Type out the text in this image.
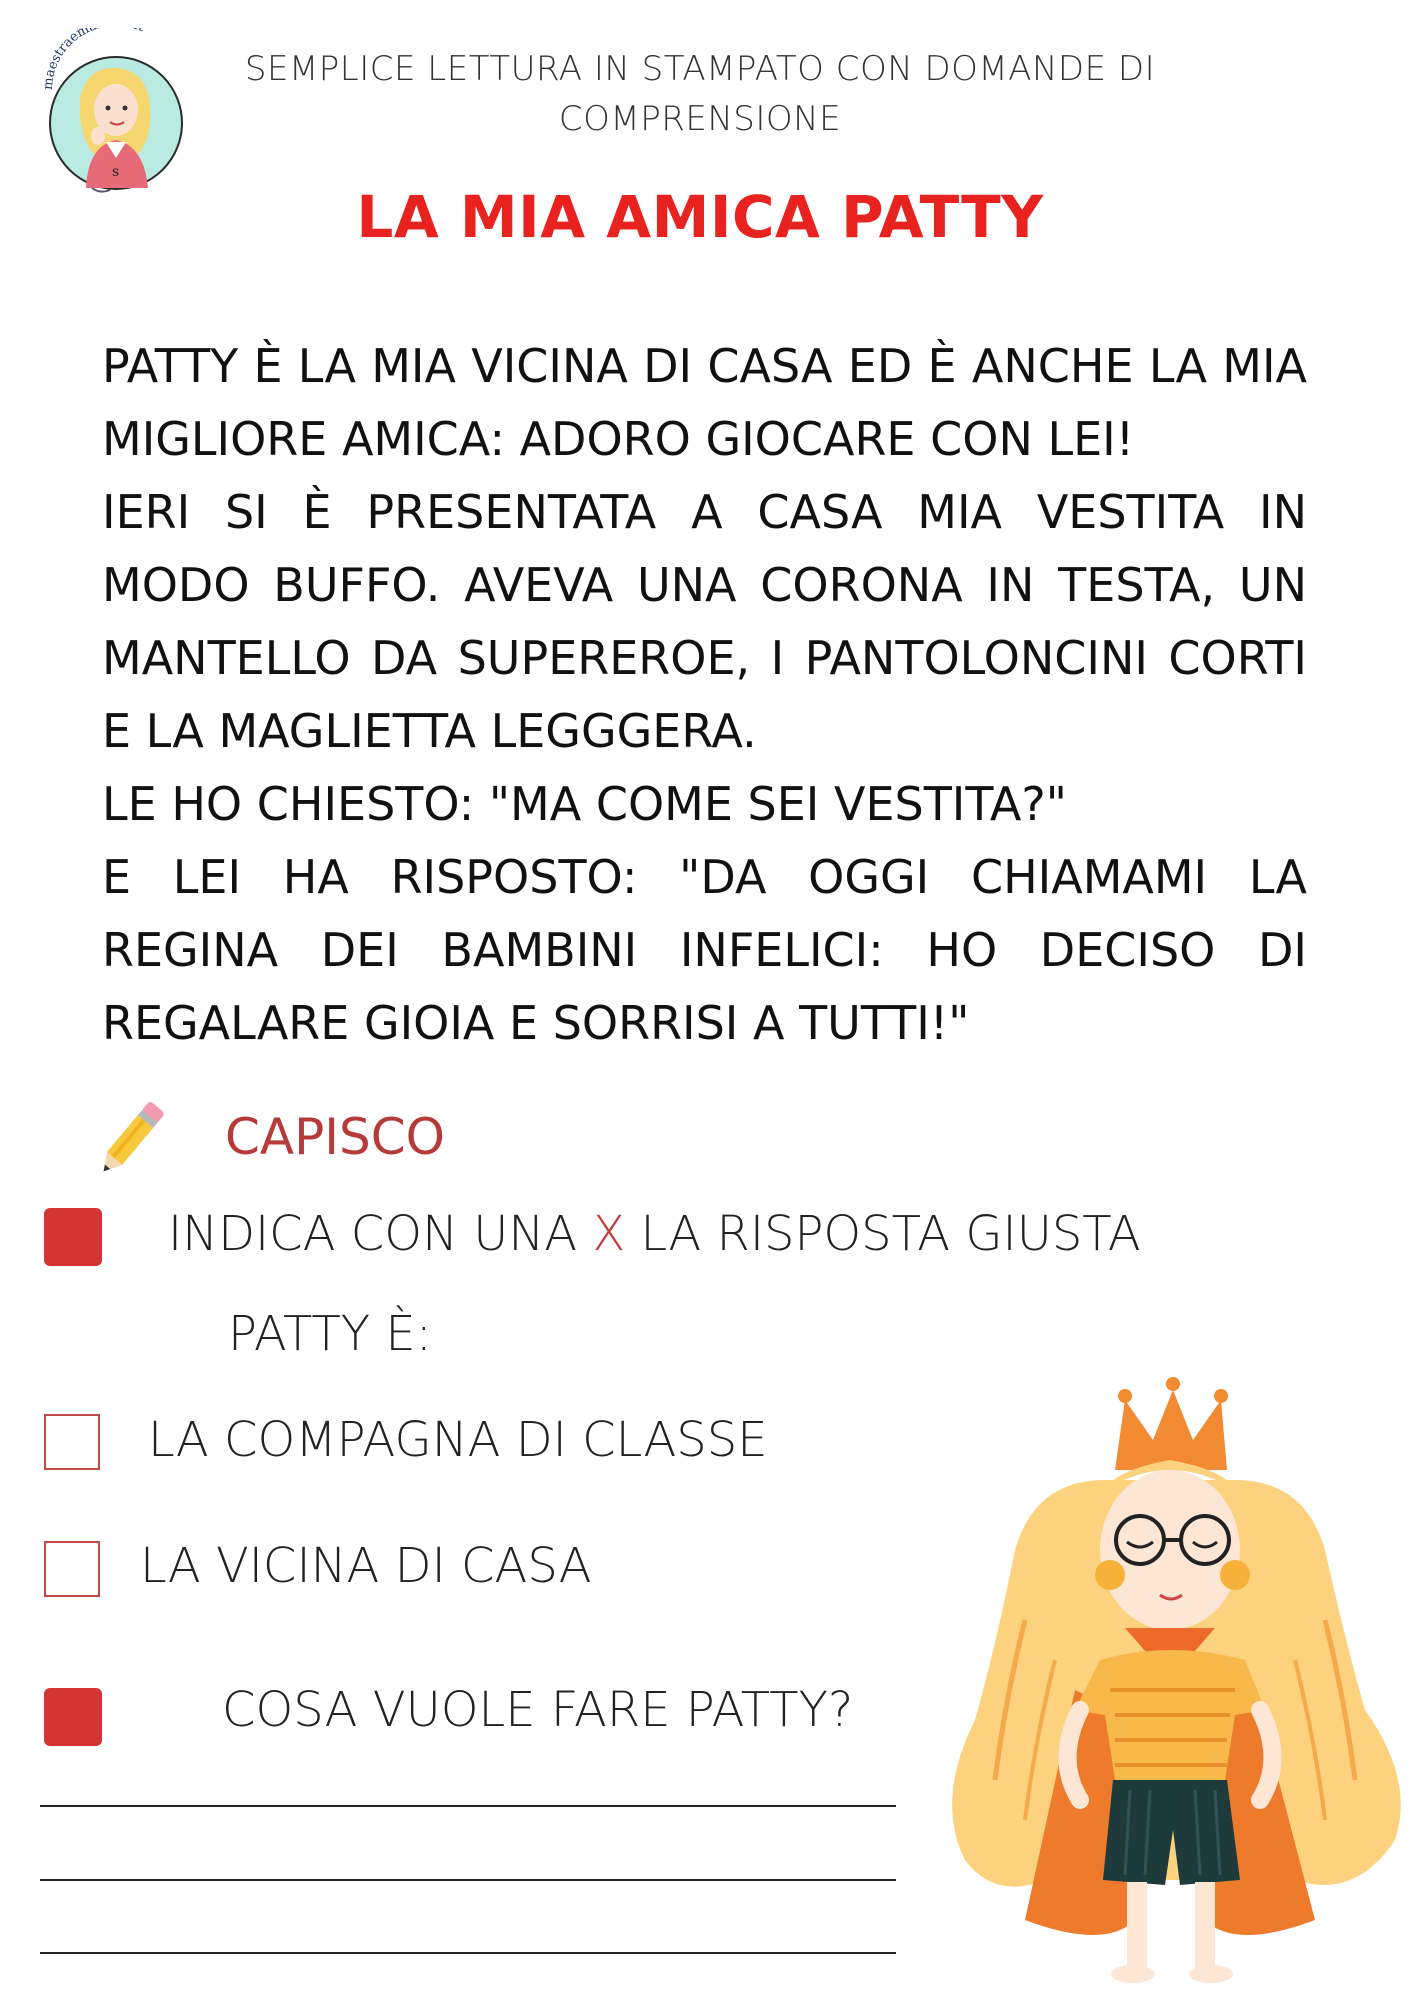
s
maestraem
SEMPLICE LETTURA IN STAMPATO CON DOMANDE DI
COMPRENSIONE
LA MIA AMICA PATTY

PATTY È LA MIA VICINA DI CASA ED È ANCHE LA MIA MIGLIORE AMICA: ADORO GIOCARE CON LEI!

IERI SI È PRESENTATA A CASA MIA VESTITA IN MODO BUFFO. AVEVA UNA CORONA IN TESTA, UN MANTELLO DA SUPEREROE, I PANTOLONCINI CORTI E LA MAGLIETTA LEGGGERA.

LE HO CHIESTO: "MA COME SEI VESTITA?"

E LEI HA RISPOSTO: "DA OGGI CHIAMAMI LA REGINA DEI BAMBINI INFELICI: HO DECISO DI REGALARE GIOIA E SORRISI A TUTTI!"

CAPISCO
INDICA CON UNA X LA RISPOSTA GIUSTA
PATTY È:
LA COMPAGNA DI CLASSE
LA VICINA DI CASA
COSA VUOLE FARE PATTY?
